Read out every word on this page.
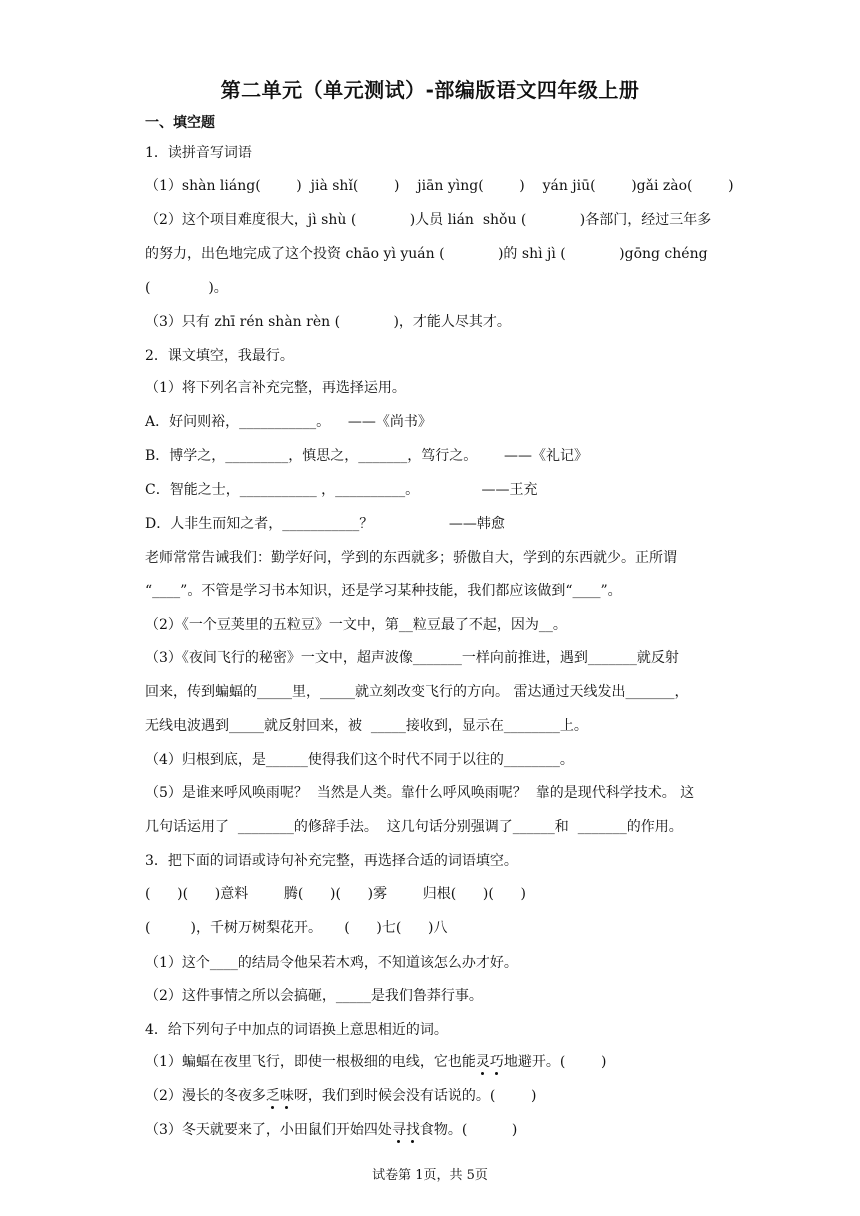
第二单元（单元测试）-部编版语文四年级上册
一、填空题
1．读拼音写词语
（1）shàn liáng(        )  jià shǐ(        )    jiān yìng(        )    yán jiū(        )gǎi zào(        )
（2）这个项目难度很大，jì shù (            )人员 lián  shǒu (            )各部门，经过三年多
的努力，出色地完成了这个投资 chāo yì yuán (            )的 shì jì (            )gōng chéng
(             )。
（3）只有 zhī rén shàn rèn (            )，才能人尽其才。
2．课文填空，我最行。
（1）将下列名言补充完整，再选择运用。
A．好问则裕，___________。    ——《尚书》
B．博学之，_________，慎思之，_______，笃行之。      ——《礼记》
C．智能之士，___________ ，__________。              ——王充
D．人非生而知之者，___________？                 ——韩愈
老师常常告诫我们：勤学好问，学到的东西就多；骄傲自大，学到的东西就少。正所谓
“____”。不管是学习书本知识，还是学习某种技能，我们都应该做到“____”。
（2）《一个豆荚里的五粒豆》一文中，第__粒豆最了不起，因为__。
（3）《夜间飞行的秘密》一文中，超声波像_______一样向前推进，遇到_______就反射
回来，传到蝙蝠的_____里，_____就立刻改变飞行的方向。 雷达通过天线发出_______，
无线电波遇到_____就反射回来，被  _____接收到，显示在________上。
（4）归根到底，是______使得我们这个时代不同于以往的________。
（5）是谁来呼风唤雨呢？  当然是人类。靠什么呼风唤雨呢？  靠的是现代科学技术。 这
几句话运用了  ________的修辞手法。  这几句话分别强调了______和  _______的作用。
3．把下面的词语或诗句补充完整，再选择合适的词语填空。
(      )(      )意料        腾(      )(      )雾        归根(      )(      )
(         )，千树万树梨花开。     (      )七(      )八
（1）这个____的结局令他呆若木鸡，不知道该怎么办才好。
（2）这件事情之所以会搞砸，_____是我们鲁莽行事。
4．给下列句子中加点的词语换上意思相近的词。
（1）蝙蝠在夜里飞行，即使一根极细的电线，它也能灵巧地避开。(        )
（2）漫长的冬夜多乏味呀，我们到时候会没有话说的。(        )
（3）冬天就要来了，小田鼠们开始四处寻找食物。(          )
试卷第 1页，共 5页
